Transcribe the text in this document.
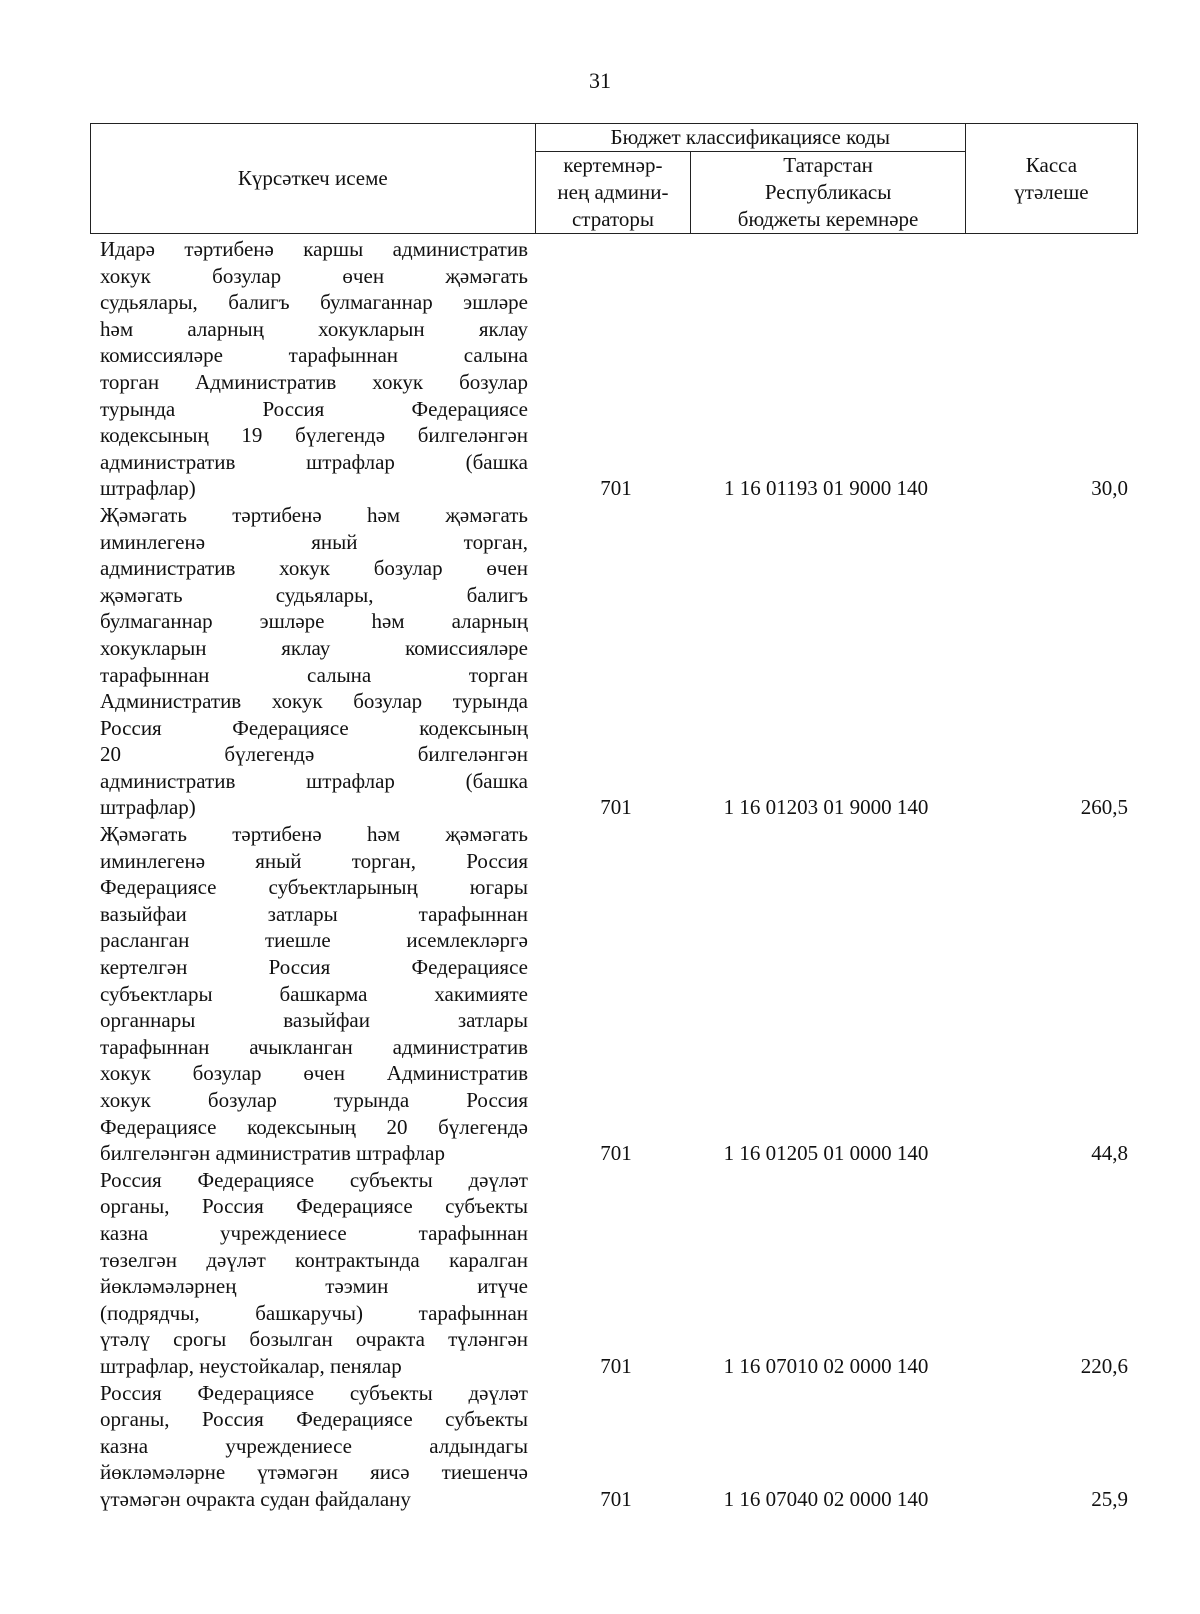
31
Күрсәткеч исеме	Бюджет классификациясе коды		Касса
үтәлеше
	кертемнәр-
нең админи-
страторы	Татарстан
Республикасы
бюджеты керемнәре	
Идарә тәртибенә каршы административ
хокук бозулар өчен җәмәгать
судьялары, балигъ булмаганнар эшләре
һәм аларның хокукларын яклау
комиссияләре тарафыннан салына
торган Административ хокук бозулар
турында Россия Федерациясе
кодексының 19 бүлегендә билгеләнгән
административ штрафлар (башка
штрафлар)	701	1 16 01193 01 9000 140	30,0
Җәмәгать тәртибенә һәм җәмәгать
иминлегенә яный торган,
административ хокук бозулар өчен
җәмәгать судьялары, балигъ
булмаганнар эшләре һәм аларның
хокукларын яклау комиссияләре
тарафыннан салына торган
Административ хокук бозулар турында
Россия Федерациясе кодексының
20 бүлегендә билгеләнгән
административ штрафлар (башка
штрафлар)	701	1 16 01203 01 9000 140	260,5
Җәмәгать тәртибенә һәм җәмәгать
иминлегенә яный торган, Россия
Федерациясе субъектларының югары
вазыйфаи затлары тарафыннан
расланган тиешле исемлекләргә
кертелгән Россия Федерациясе
субъектлары башкарма хакимияте
органнары вазыйфаи затлары
тарафыннан ачыкланган административ
хокук бозулар өчен Административ
хокук бозулар турында Россия
Федерациясе кодексының 20 бүлегендә
билгеләнгән административ штрафлар	701	1 16 01205 01 0000 140	44,8
Россия Федерациясе субъекты дәүләт
органы, Россия Федерациясе субъекты
казна учреждениесе тарафыннан
төзелгән дәүләт контрактында каралган
йөкләмәләрнең тәэмин итүче
(подрядчы, башкаручы) тарафыннан
үтәлү срогы бозылган очракта түләнгән
штрафлар, неустойкалар, пенялар	701	1 16 07010 02 0000 140	220,6
Россия Федерациясе субъекты дәүләт
органы, Россия Федерациясе субъекты
казна учреждениесе алдындагы
йөкләмәләрне үтәмәгән яисә тиешенчә
үтәмәгән очракта судан файдалану	701	1 16 07040 02 0000 140	25,9
